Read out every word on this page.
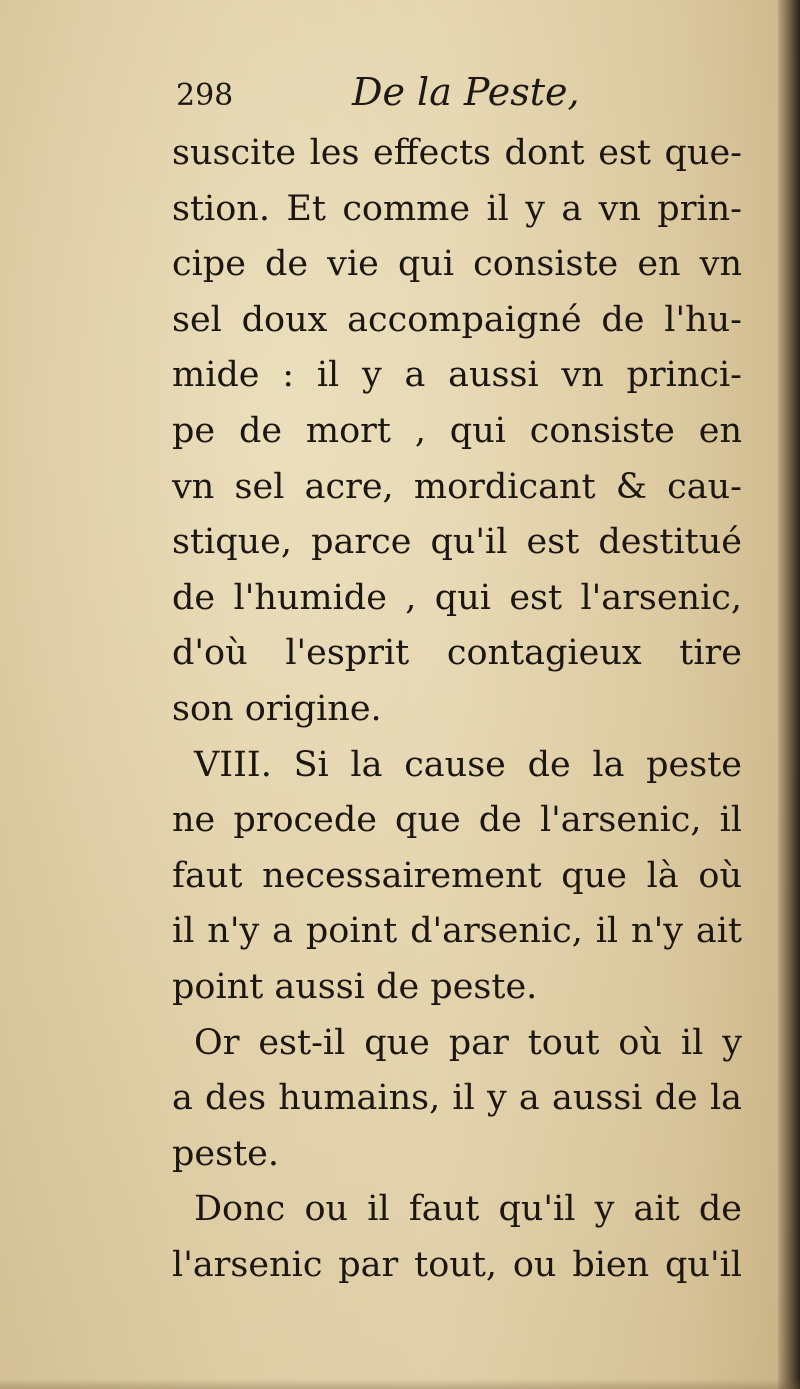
298	De la Peste,
suscite les effects dont est que-
stion. Et comme il y a vn prin-
cipe de vie qui consiste en vn
sel doux accompaigné de l'hu-
mide : il y a aussi vn princi-
pe de mort , qui consiste en
vn sel acre, mordicant & cau-
stique, parce qu'il est destitué
de l'humide , qui est l'arsenic,
d'où l'esprit contagieux tire
son origine.
VIII. Si la cause de la peste
ne procede que de l'arsenic, il
faut necessairement que là où
il n'y a point d'arsenic, il n'y ait
point aussi de peste.
Or est-il que par tout où il y
a des humains, il y a aussi de la
peste.
Donc ou il faut qu'il y ait de
l'arsenic par tout, ou bien qu'il
